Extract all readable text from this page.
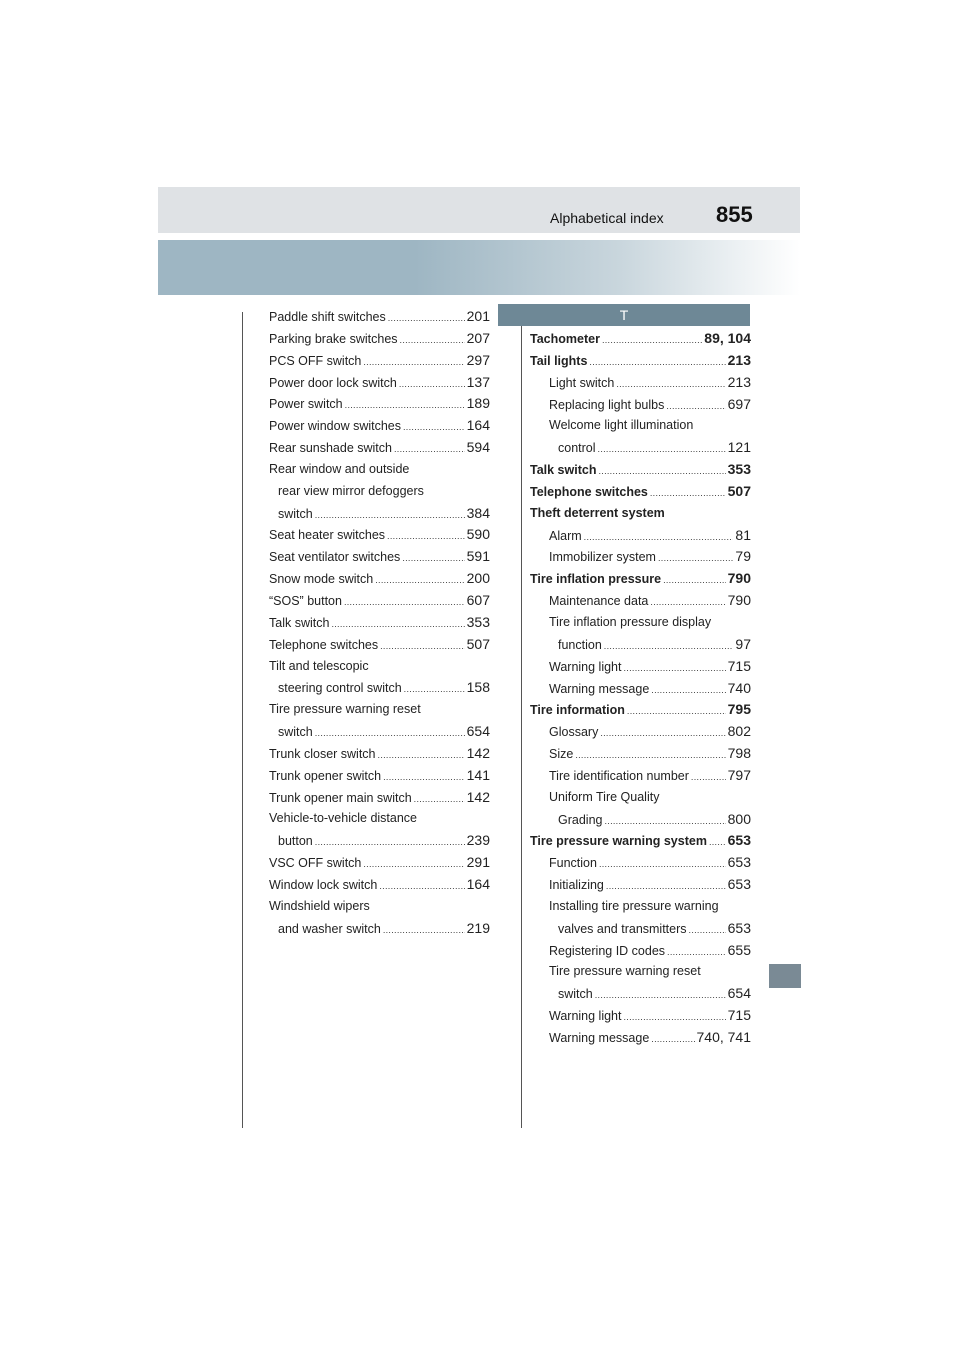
Alphabetical index 855
T
Paddle shift switches .....	201
Parking brake switches .....	207
PCS OFF switch .....	297
Power door lock switch .....	137
Power switch .....	189
Power window switches .....	164
Rear sunshade switch .....	594
Rear window and outside
rear view mirror defoggers
switch .....	384
Seat heater switches .....	590
Seat ventilator switches .....	591
Snow mode switch .....	200
“SOS” button .....	607
Talk switch .....	353
Telephone switches .....	507
Tilt and telescopic
steering control switch .....	158
Tire pressure warning reset
switch .....	654
Trunk closer switch .....	142
Trunk opener switch .....	141
Trunk opener main switch .....	142
Vehicle-to-vehicle distance
button .....	239
VSC OFF switch .....	291
Window lock switch .....	164
Windshield wipers
and washer switch .....	219
Tachometer .....	89, 104
Tail lights .....	213
Light switch .....	213
Replacing light bulbs .....	697
Welcome light illumination
control .....	121
Talk switch .....	353
Telephone switches .....	507
Theft deterrent system
Alarm .....	81
Immobilizer system .....	79
Tire inflation pressure .....	790
Maintenance data .....	790
Tire inflation pressure display
function .....	97
Warning light .....	715
Warning message .....	740
Tire information .....	795
Glossary .....	802
Size .....	798
Tire identification number .....	797
Uniform Tire Quality
Grading .....	800
Tire pressure warning system ..... 653
Function .....	653
Initializing .....	653
Installing tire pressure warning
valves and transmitters .....	653
Registering ID codes .....	655
Tire pressure warning reset
switch .....	654
Warning light .....	715
Warning message .....	740, 741
